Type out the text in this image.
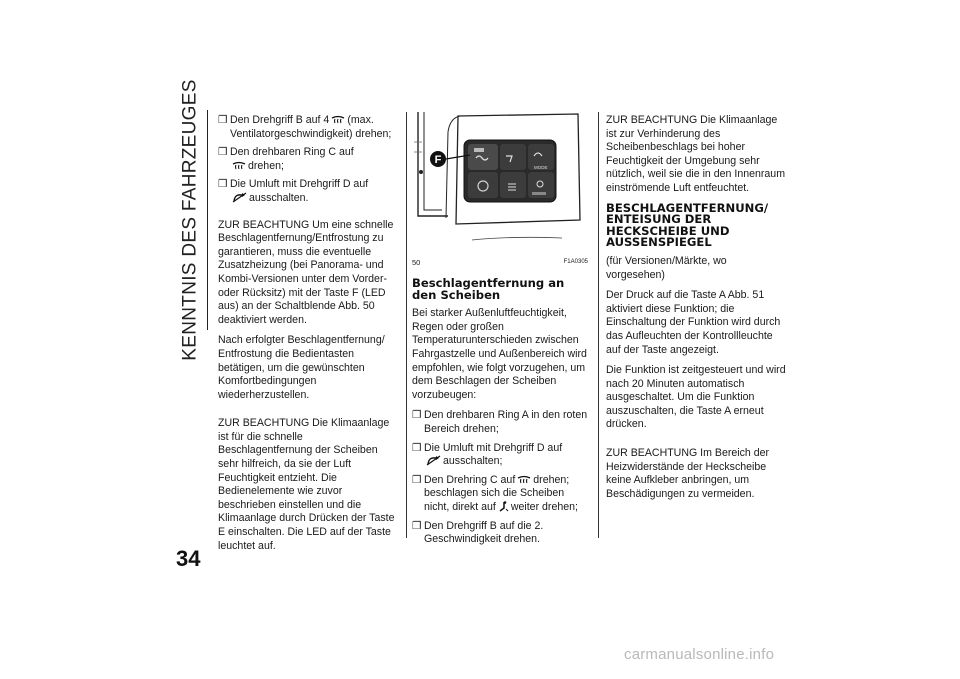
KENNTNIS DES FAHRZEUGES
34
❒ Den Drehgriff B auf 4 (max. Ventilatorgeschwindigkeit) drehen;
❒ Den drehbaren Ring C auf

drehen;
❒ Die Umluft mit Drehgriff D auf

ausschalten.

ZUR BEACHTUNG Um eine schnelle Beschlagentfernung/Entfrostung zu garantieren, muss die eventuelle Zusatzheizung (bei Panorama- und Kombi-Versionen unter dem Vorder- oder Rücksitz) mit der Taste F (LED aus) an der Schaltblende Abb. 50 deaktiviert werden.

Nach erfolgter Beschlagentfernung/ Entfrostung die Bedientasten betätigen, um die gewünschten Komfortbedingungen wiederherzustellen.

ZUR BEACHTUNG Die Klimaanlage ist für die schnelle Beschlagentfernung der Scheiben sehr hilfreich, da sie der Luft Feuchtigkeit entzieht. Die Bedienelemente wie zuvor beschrieben einstellen und die Klimaanlage durch Drücken der Taste E einschalten. Die LED auf der Taste leuchtet auf.

MODE
F
50	F1A0305
Beschlagentfernung an den Scheiben

Bei starker Außenluftfeuchtigkeit, Regen oder großen Temperaturunterschieden zwischen Fahrgastzelle und Außenbereich wird empfohlen, wie folgt vorzugehen, um dem Beschlagen der Scheiben vorzubeugen:

❒ Den drehbaren Ring A in den roten Bereich drehen;
❒ Die Umluft mit Drehgriff D auf

ausschalten;
❒ Den Drehring C auf drehen; beschlagen sich die Scheiben nicht, direkt auf weiter drehen;
❒ Den Drehgriff B auf die 2. Geschwindigkeit drehen.

ZUR BEACHTUNG Die Klimaanlage ist zur Verhinderung des Scheibenbeschlags bei hoher Feuchtigkeit der Umgebung sehr nützlich, weil sie die in den Innenraum einströmende Luft entfeuchtet.

BESCHLAGENTFERNUNG/ ENTEISUNG DER HECKSCHEIBE UND AUSSENSPIEGEL

(für Versionen/Märkte, wo vorgesehen)

Der Druck auf die Taste A Abb. 51 aktiviert diese Funktion; die Einschaltung der Funktion wird durch das Aufleuchten der Kontrollleuchte auf der Taste angezeigt.

Die Funktion ist zeitgesteuert und wird nach 20 Minuten automatisch ausgeschaltet. Um die Funktion auszuschalten, die Taste A erneut drücken.

ZUR BEACHTUNG Im Bereich der Heizwiderstände der Heckscheibe keine Aufkleber anbringen, um Beschädigungen zu vermeiden.

carmanualsonline.info
